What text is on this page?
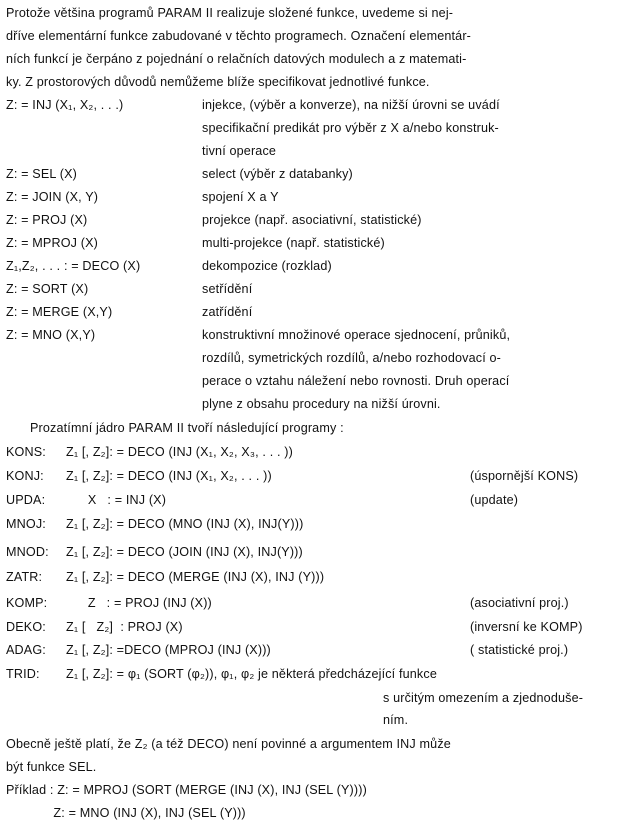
Protože většina programů PARAM II realizuje složené funkce, uvedeme si nej-
dříve elementární funkce zabudované v těchto programech. Označení elementár-
ních funkcí je čerpáno z pojednání o relačních datových modulech a z matemati-
ky. Z prostorových důvodů nemůžeme blíže specifikovat jednotlivé funkce.
Z: = INJ (X₁, X₂, . . .)	injekce, (výběr a konverze), na nižší úrovni se uvádí
specifikační predikát pro výběr z X a/nebo konstruk-
tivní operace
Z: = SEL (X)	select (výběr z databanky)
Z: = JOIN (X, Y)	spojení X a Y
Z: = PROJ (X)	projekce (např. asociativní, statistické)
Z: = MPROJ (X)	multi-projekce (např. statistické)
Z₁,Z₂, . . . : = DECO (X)	dekompozice (rozklad)
Z: = SORT (X)	setřídění
Z: = MERGE (X,Y)	zatřídění
Z: = MNO (X,Y)	konstruktivní množinové operace sjednocení, průniků,
rozdílů, symetrických rozdílů, a/nebo rozhodovací o-
perace o vztahu náležení nebo rovnosti. Druh operací
plyne z obsahu procedury na nižší úrovni.
Prozatímní jádro PARAM II tvoří následující programy :
KONS: Z₁ [, Z₂]: = DECO (INJ (X₁, X₂, X₃, . . . ))
KONJ: Z₁ [, Z₂]: = DECO (INJ (X₁, X₂, . . . ))	(úspornější KONS)
UPDA: X   : = INJ (X)	(update)
MNOJ: Z₁ [, Z₂]: = DECO (MNO (INJ (X), INJ(Y)))
MNOD: Z₁ [, Z₂]: = DECO (JOIN (INJ (X), INJ(Y)))
ZATR: Z₁ [, Z₂]: = DECO (MERGE (INJ (X), INJ (Y)))
KOMP: Z   : = PROJ (INJ (X))	(asociativní proj.)
DEKO: Z₁ [   Z₂]  : PROJ (X)	(inversní ke KOMP)
ADAG: Z₁ [, Z₂]: =DECO (MPROJ (INJ (X)))	( statistické proj.)
TRID: Z₁ [, Z₂]: = φ₁ (SORT (φ₂)), φ₁, φ₂ je některá předcházející funkce
s určitým omezením a zjednoduše-
ním.
Obecně ještě platí, že Z₂ (a též DECO) není povinné a argumentem INJ může
být funkce SEL.
Příklad : Z: = MPROJ (SORT (MERGE (INJ (X), INJ (SEL (Y))))
Z: = MNO (INJ (X), INJ (SEL (Y)))
